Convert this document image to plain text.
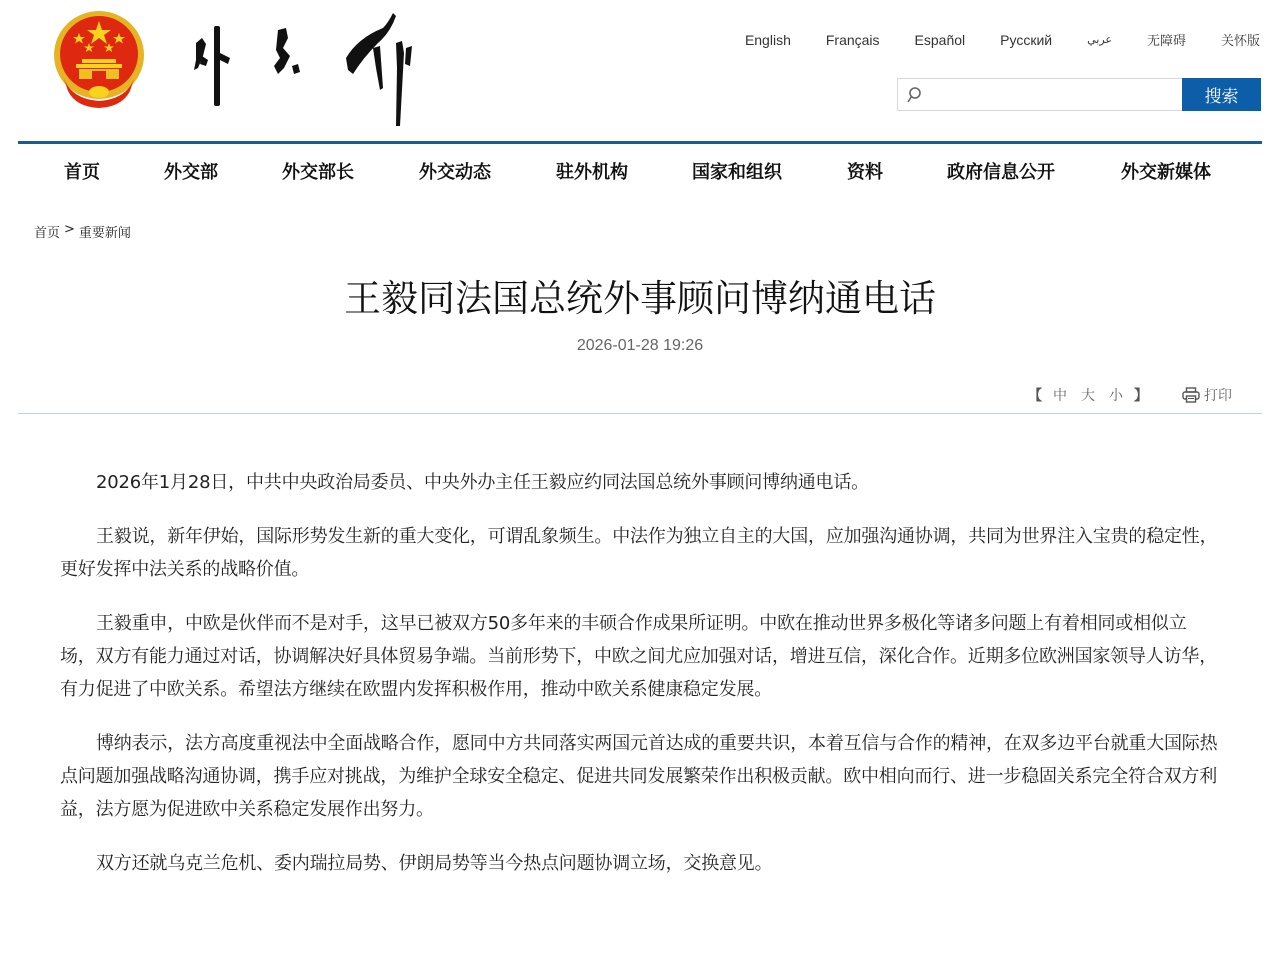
English	Français	Español	Русский	عربي	无障碍	关怀版
搜索
首页	外交部	外交部长	外交动态	驻外机构	国家和组织	资料	政府信息公开	外交新媒体
首页 > 重要新闻
王毅同法国总统外事顾问博纳通电话
2026-01-28 19:26
【 中 大 小 】	打印

2026年1月28日，中共中央政治局委员、中央外办主任王毅应约同法国总统外事顾问博纳通电话。

王毅说，新年伊始，国际形势发生新的重大变化，可谓乱象频生。中法作为独立自主的大国，应加强沟通协调，共同为世界注入宝贵的稳定性，更好发挥中法关系的战略价值。

王毅重申，中欧是伙伴而不是对手，这早已被双方50多年来的丰硕合作成果所证明。中欧在推动世界多极化等诸多问题上有着相同或相似立场，双方有能力通过对话，协调解决好具体贸易争端。当前形势下，中欧之间尤应加强对话，增进互信，深化合作。近期多位欧洲国家领导人访华，有力促进了中欧关系。希望法方继续在欧盟内发挥积极作用，推动中欧关系健康稳定发展。

博纳表示，法方高度重视法中全面战略合作，愿同中方共同落实两国元首达成的重要共识，本着互信与合作的精神，在双多边平台就重大国际热点问题加强战略沟通协调，携手应对挑战，为维护全球安全稳定、促进共同发展繁荣作出积极贡献。欧中相向而行、进一步稳固关系完全符合双方利益，法方愿为促进欧中关系稳定发展作出努力。

双方还就乌克兰危机、委内瑞拉局势、伊朗局势等当今热点问题协调立场，交换意见。
